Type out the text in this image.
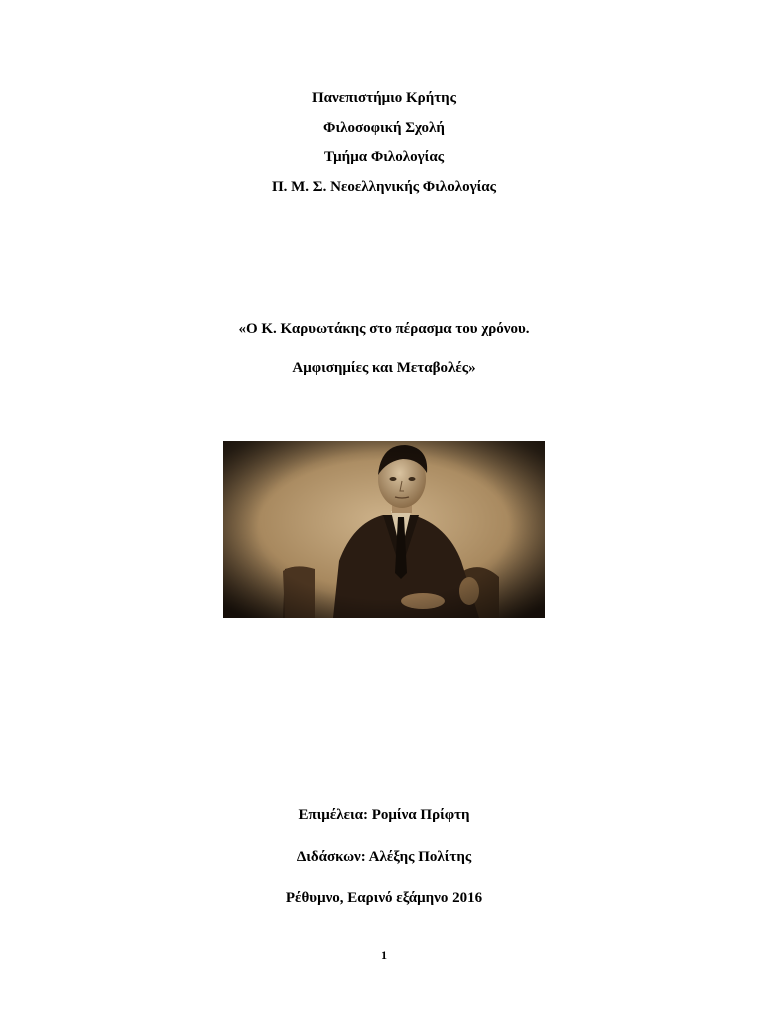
Πανεπιστήμιο Κρήτης
Φιλοσοφική Σχολή
Τμήμα Φιλολογίας
Π. Μ. Σ. Νεοελληνικής Φιλολογίας
«Ο Κ. Καρυωτάκης στο πέρασμα του χρόνου.
Αμφισημίες και Μεταβολές»
Επιμέλεια: Ρομίνα Πρίφτη
Διδάσκων: Αλέξης Πολίτης
Ρέθυμνο, Εαρινό εξάμηνο 2016
1
